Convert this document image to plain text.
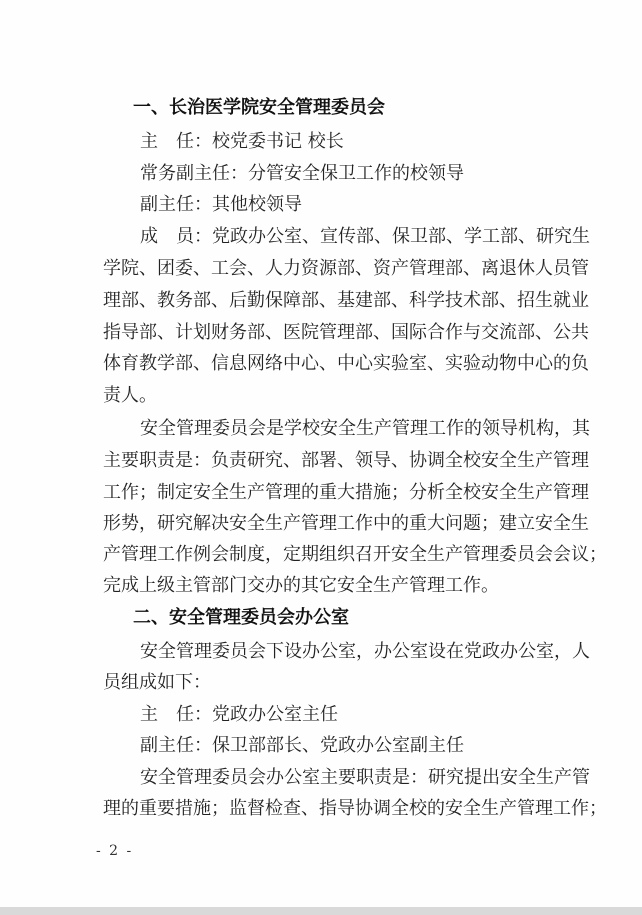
一、长治医学院安全管理委员会
主　任：校党委书记 校长
常务副主任：分管安全保卫工作的校领导
副主任：其他校领导
成　员：党政办公室、宣传部、保卫部、学工部、研究生
学院、团委、工会、人力资源部、资产管理部、离退休人员管
理部、教务部、后勤保障部、基建部、科学技术部、招生就业
指导部、计划财务部、医院管理部、国际合作与交流部、公共
体育教学部、信息网络中心、中心实验室、实验动物中心的负
责人。
安全管理委员会是学校安全生产管理工作的领导机构，其
主要职责是：负责研究、部署、领导、协调全校安全生产管理
工作；制定安全生产管理的重大措施；分析全校安全生产管理
形势，研究解决安全生产管理工作中的重大问题；建立安全生
产管理工作例会制度，定期组织召开安全生产管理委员会会议；
完成上级主管部门交办的其它安全生产管理工作。
二、安全管理委员会办公室
安全管理委员会下设办公室，办公室设在党政办公室，人
员组成如下：
主　任：党政办公室主任
副主任：保卫部部长、党政办公室副主任
安全管理委员会办公室主要职责是：研究提出安全生产管
理的重要措施；监督检查、指导协调全校的安全生产管理工作；
- 2 -
